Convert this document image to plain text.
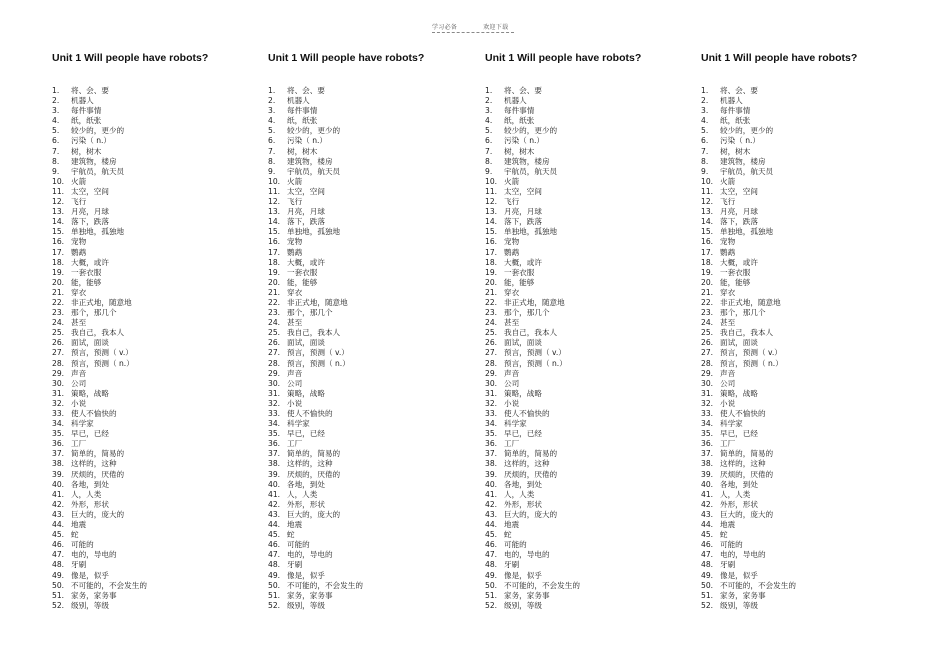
学习必备	欢迎下载
Unit 1 Will people have robots?
1.	将、会、要
2.	机器人
3.	每件事情
4.	纸，纸张
5.	较少的，更少的
6.	污染（ n.）
7.	树，树木
8.	建筑物，楼房
9.	宇航员，航天员
10. 火箭
11. 太空，空间
12. 飞行
13. 月亮，月球
14. 落下，跌落
15. 单独地，孤独地
16. 宠物
17. 鹦鹉
18. 大概，或许
19. 一套衣服
20. 能，能够
21. 穿衣
22. 非正式地，随意地
23. 那个，那几个
24. 甚至
25. 我自己，我本人
26. 面试，面谈
27. 预言，预测（ v.）
28. 预言，预测（ n.）
29. 声音
30. 公司
31. 策略，战略
32. 小说
33. 使人不愉快的
34. 科学家
35. 早已，已经
36. 工厂
37. 简单的，简易的
38. 这样的，这种
39. 厌烦的，厌倦的
40. 各地，到处
41. 人，人类
42. 外形，形状
43. 巨大的，庞大的
44. 地震
45. 蛇
46. 可能的
47. 电的，导电的
48. 牙刷
49. 像是，似乎
50. 不可能的，不会发生的
51. 家务，家务事
52. 级别，等级
Unit 1 Will people have robots?
1.	将、会、要
2.	机器人
3.	每件事情
4.	纸，纸张
5.	较少的，更少的
6.	污染（ n.）
7.	树，树木
8.	建筑物，楼房
9.	宇航员，航天员
10. 火箭
11. 太空，空间
12. 飞行
13. 月亮，月球
14. 落下，跌落
15. 单独地，孤独地
16. 宠物
17. 鹦鹉
18. 大概，或许
19. 一套衣服
20. 能，能够
21. 穿衣
22. 非正式地，随意地
23. 那个，那几个
24. 甚至
25. 我自己，我本人
26. 面试，面谈
27. 预言，预测（ v.）
28. 预言，预测（ n.）
29. 声音
30. 公司
31. 策略，战略
32. 小说
33. 使人不愉快的
34. 科学家
35. 早已，已经
36. 工厂
37. 简单的，简易的
38. 这样的，这种
39. 厌烦的，厌倦的
40. 各地，到处
41. 人，人类
42. 外形，形状
43. 巨大的，庞大的
44. 地震
45. 蛇
46. 可能的
47. 电的，导电的
48. 牙刷
49. 像是，似乎
50. 不可能的，不会发生的
51. 家务，家务事
52. 级别，等级
Unit 1 Will people have robots?
1.	将、会、要
2.	机器人
3.	每件事情
4.	纸，纸张
5.	较少的，更少的
6.	污染（ n.）
7.	树，树木
8.	建筑物，楼房
9.	宇航员，航天员
10. 火箭
11. 太空，空间
12. 飞行
13. 月亮，月球
14. 落下，跌落
15. 单独地，孤独地
16. 宠物
17. 鹦鹉
18. 大概，或许
19. 一套衣服
20. 能，能够
21. 穿衣
22. 非正式地，随意地
23. 那个，那几个
24. 甚至
25. 我自己，我本人
26. 面试，面谈
27. 预言，预测（ v.）
28. 预言，预测（ n.）
29. 声音
30. 公司
31. 策略，战略
32. 小说
33. 使人不愉快的
34. 科学家
35. 早已，已经
36. 工厂
37. 简单的，简易的
38. 这样的，这种
39. 厌烦的，厌倦的
40. 各地，到处
41. 人，人类
42. 外形，形状
43. 巨大的，庞大的
44. 地震
45. 蛇
46. 可能的
47. 电的，导电的
48. 牙刷
49. 像是，似乎
50. 不可能的，不会发生的
51. 家务，家务事
52. 级别，等级
Unit 1 Will people have robots?
1.	将、会、要
2.	机器人
3.	每件事情
4.	纸，纸张
5.	较少的，更少的
6.	污染（ n.）
7.	树，树木
8.	建筑物，楼房
9.	宇航员，航天员
10. 火箭
11. 太空，空间
12. 飞行
13. 月亮，月球
14. 落下，跌落
15. 单独地，孤独地
16. 宠物
17. 鹦鹉
18. 大概，或许
19. 一套衣服
20. 能，能够
21. 穿衣
22. 非正式地，随意地
23. 那个，那几个
24. 甚至
25. 我自己，我本人
26. 面试，面谈
27. 预言，预测（ v.）
28. 预言，预测（ n.）
29. 声音
30. 公司
31. 策略，战略
32. 小说
33. 使人不愉快的
34. 科学家
35. 早已，已经
36. 工厂
37. 简单的，简易的
38. 这样的，这种
39. 厌烦的，厌倦的
40. 各地，到处
41. 人，人类
42. 外形，形状
43. 巨大的，庞大的
44. 地震
45. 蛇
46. 可能的
47. 电的，导电的
48. 牙刷
49. 像是，似乎
50. 不可能的，不会发生的
51. 家务，家务事
52. 级别，等级
